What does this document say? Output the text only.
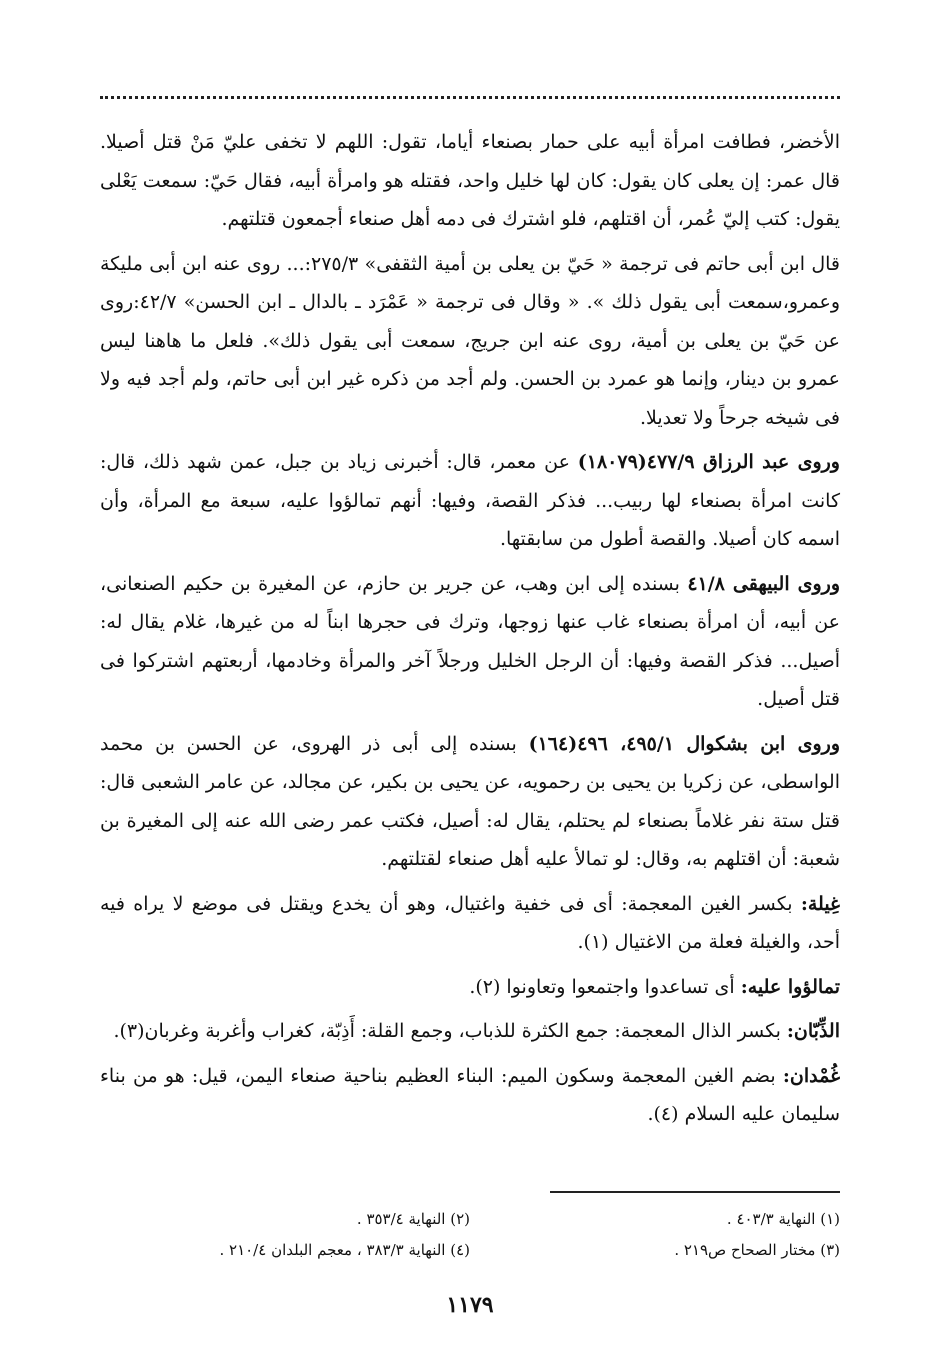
الأخضر، فطافت امرأة أبيه على حمار بصنعاء أياما، تقول: اللهم لا تخفى عليّ مَنْ قتل أصيلا. قال عمر: إن يعلى كان يقول: كان لها خليل واحد، فقتله هو وامرأة أبيه، فقال حَيّ: سمعت يَعْلى يقول: كتب إليّ عُمر، أن اقتلهم، فلو اشترك فى دمه أهل صنعاء أجمعون قتلتهم.

قال ابن أبى حاتم فى ترجمة « حَيّ بن يعلى بن أمية الثقفى» ٢٧٥/٣:... روى عنه ابن أبى مليكة وعمرو،سمعت أبى يقول ذلك ». « وقال فى ترجمة « عَمْرَد ـ بالدال ـ ابن الحسن» ٤٢/٧:روى عن حَيّ بن يعلى بن أمية، روى عنه ابن جريج، سمعت أبى يقول ذلك». فلعل ما هاهنا ليس عمرو بن دينار، وإنما هو عمرد بن الحسن. ولم أجد من ذكره غير ابن أبى حاتم، ولم أجد فيه ولا فى شيخه جرحاً ولا تعديلا.

وروى عبد الرزاق ٤٧٧/٩(١٨٠٧٩) عن معمر، قال: أخبرنى زياد بن جبل، عمن شهد ذلك، قال: كانت امرأة بصنعاء لها ربيب... فذكر القصة، وفيها: أنهم تمالؤوا عليه، سبعة مع المرأة، وأن اسمه كان أصيلا. والقصة أطول من سابقتها.

وروى البيهقى ٤١/٨ بسنده إلى ابن وهب، عن جرير بن حازم، عن المغيرة بن حكيم الصنعانى، عن أبيه، أن امرأة بصنعاء غاب عنها زوجها، وترك فى حجرها ابناً له من غيرها، غلام يقال له: أصيل... فذكر القصة وفيها: أن الرجل الخليل ورجلاً آخر والمرأة وخادمها، أربعتهم اشتركوا فى قتل أصيل.

وروى ابن بشكوال ٤٩٥/١، ٤٩٦(١٦٤) بسنده إلى أبى ذر الهروى، عن الحسن بن محمد الواسطى، عن زكريا بن يحيى بن رحمويه، عن يحيى بن بكير، عن مجالد، عن عامر الشعبى قال: قتل ستة نفر غلاماً بصنعاء لم يحتلم، يقال له: أصيل، فكتب عمر رضى الله عنه إلى المغيرة بن شعبة: أن اقتلهم به، وقال: لو تمالأ عليه أهل صنعاء لقتلتهم.

غِيلة: بكسر الغين المعجمة: أى فى خفية واغتيال، وهو أن يخدع ويقتل فى موضع لا يراه فيه أحد، والغيلة فعلة من الاغتيال (١).

تمالؤوا عليه: أى تساعدوا واجتمعوا وتعاونوا (٢).

الذِّبّان: بكسر الذال المعجمة: جمع الكثرة للذباب، وجمع القلة: أَذِبّة، كغراب وأغربة وغربان(٣).

غُمْدان: بضم الغين المعجمة وسكون الميم: البناء العظيم بناحية صنعاء اليمن، قيل: هو من بناء سليمان عليه السلام (٤).

(١) النهاية ٤٠٣/٣ .
(٢) النهاية ٣٥٣/٤ .
(٣) مختار الصحاح ص٢١٩ .
(٤) النهاية ٣٨٣/٣ ، معجم البلدان ٢١٠/٤ .
١١٧٩
